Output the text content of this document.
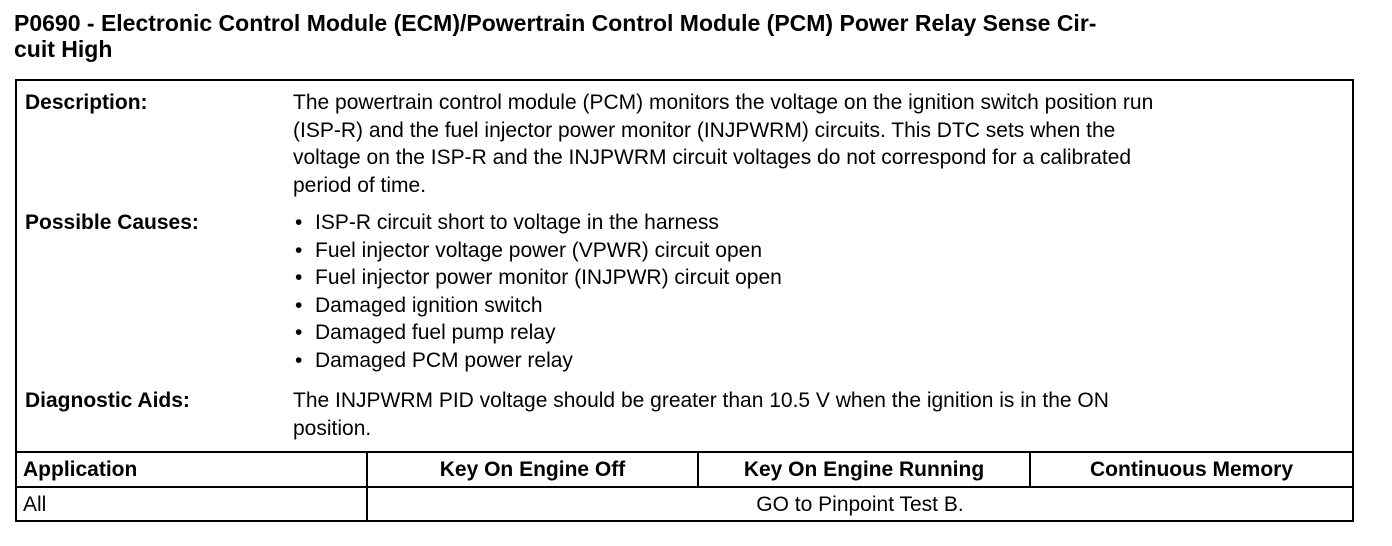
P0690 - Electronic Control Module (ECM)/Powertrain Control Module (PCM) Power Relay Sense Cir-
cuit High
Description:	The powertrain control module (PCM) monitors the voltage on the ignition switch position run
(ISP-R) and the fuel injector power monitor (INJPWRM) circuits. This DTC sets when the
voltage on the ISP-R and the INJPWRM circuit voltages do not correspond for a calibrated
period of time.
Possible Causes:	• ISP-R circuit short to voltage in the harness
• Fuel injector voltage power (VPWR) circuit open
• Fuel injector power monitor (INJPWR) circuit open
• Damaged ignition switch
• Damaged fuel pump relay
• Damaged PCM power relay
Diagnostic Aids:	The INJPWRM PID voltage should be greater than 10.5 V when the ignition is in the ON
position.
Application	Key On Engine Off	Key On Engine Running	Continuous Memory
All	GO to Pinpoint Test B.		
